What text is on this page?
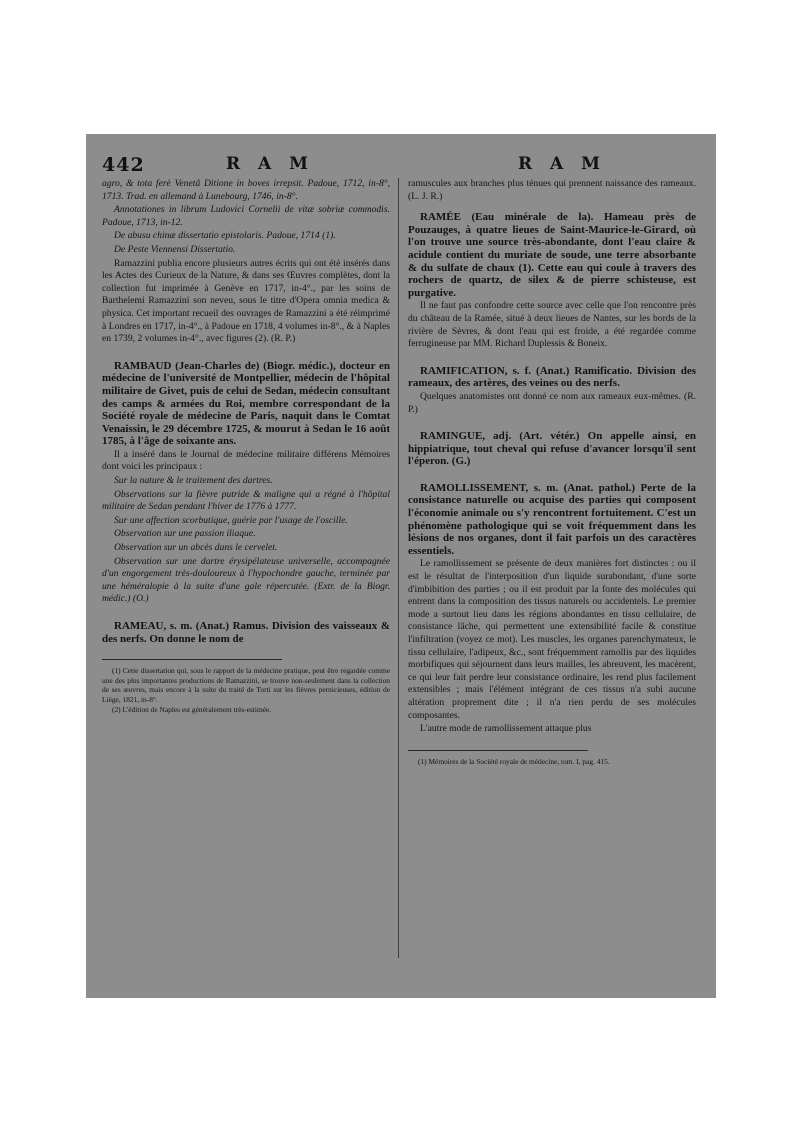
442	R A M	R A M

agro, & tota ferè Venetâ Ditione in boves irrepsit. Padoue, 1712, in-8°, 1713. Trad. en allemand à Lunebourg, 1746, in-8°.

Annotationes in librum Ludovici Cornelii de vitæ sobriæ commodis. Padoue, 1713, in-12.

De abusu chinæ dissertatio epistolaris. Padoue, 1714 (1).

De Peste Viennensi Dissertatio.

Ramazzini publia encore plusieurs autres écrits qui ont été insérés dans les Actes des Curieux de la Nature, & dans ses Œuvres complètes, dont la collection fut imprimée à Genève en 1717, in-4°., par les soins de Barthelemi Ramazzini son neveu, sous le titre d'Opera omnia medica & physica. Cet important recueil des ouvrages de Ramazzini a été réimprimé à Londres en 1717, in-4°., à Padoue en 1718, 4 volumes in-8°., & à Naples en 1739, 2 volumes in-4°., avec figures (2). (R. P.)

RAMBAUD (Jean-Charles de) (Biogr. médic.), docteur en médecine de l'université de Montpellier, médecin de l'hôpital militaire de Givet, puis de celui de Sedan, médecin consultant des camps & armées du Roi, membre correspondant de la Société royale de médecine de Paris, naquit dans le Comtat Venaissin, le 29 décembre 1725, & mourut à Sedan le 16 août 1785, à l'âge de soixante ans.

Il a inséré dans le Journal de médecine militaire différens Mémoires dont voici les principaux :

Sur la nature & le traitement des dartres.

Observations sur la fièvre putride & maligne qui a régné à l'hôpital militaire de Sedan pendant l'hiver de 1776 à 1777.

Sur une affection scorbutique, guérie par l'usage de l'oscille.

Observation sur une passion iliaque.

Observation sur un abcès dans le cervelet.

Observation sur une dartre érysipélateuse universelle, accompagnée d'un engorgement très-douloureux à l'hypochondre gauche, terminée par une héméralopie à la suite d'une gale répercutée. (Extr. de la Biogr. médic.) (O.)

RAMEAU, s. m. (Anat.) Ramus. Division des vaisseaux & des nerfs. On donne le nom de

(1) Cette dissertation qui, sous le rapport de la médecine pratique, peut être regardée comme une des plus importantes productions de Ramazzini, se trouve non-seulement dans la collection de ses œuvres, mais encore à la suite du traité de Torti sur les fièvres pernicieuses, édition de Liège, 1821, in-8°.

(2) L'édition de Naples est généralement très-estimée.

ramuscules aux branches plus ténues qui prennent naissance des rameaux. (L. J. R.)

RAMÉE (Eau minérale de la). Hameau près de Pouzauges, à quatre lieues de Saint-Maurice-le-Girard, où l'on trouve une source très-abondante, dont l'eau claire & acidule contient du muriate de soude, une terre absorbante & du sulfate de chaux (1). Cette eau qui coule à travers des rochers de quartz, de silex & de pierre schisteuse, est purgative.

Il ne faut pas confondre cette source avec celle que l'on rencontre près du château de la Ramée, situé à deux lieues de Nantes, sur les bords de la rivière de Sèvres, & dont l'eau qui est froide, a été regardée comme ferrugineuse par MM. Richard Duplessis & Boneix.

RAMIFICATION, s. f. (Anat.) Ramificatio. Division des rameaux, des artères, des veines ou des nerfs.

Quelques anatomistes ont donné ce nom aux rameaux eux-mêmes. (R. P.)

RAMINGUE, adj. (Art. vétér.) On appelle ainsi, en hippiatrique, tout cheval qui refuse d'avancer lorsqu'il sent l'éperon. (G.)

RAMOLLISSEMENT, s. m. (Anat. pathol.) Perte de la consistance naturelle ou acquise des parties qui composent l'économie animale ou s'y rencontrent fortuitement. C'est un phénomène pathologique qui se voit fréquemment dans les lésions de nos organes, dont il fait parfois un des caractères essentiels.

Le ramollissement se présente de deux manières fort distinctes : ou il est le résultat de l'interposition d'un liquide surabondant, d'une sorte d'imbibition des parties ; ou il est produit par la fonte des molécules qui entrent dans la composition des tissus naturels ou accidentels. Le premier mode a surtout lieu dans les régions abondantes en tissu cellulaire, de consistance lâche, qui permettent une extensibilité facile & constitue l'infiltration (voyez ce mot). Les muscles, les organes parenchymateux, le tissu cellulaire, l'adipeux, &c., sont fréquemment ramollis par des liquides morbifiques qui séjournent dans leurs mailles, les abreuvent, les macèrent, ce qui leur fait perdre leur consistance ordinaire, les rend plus facilement extensibles ; mais l'élément intégrant de ces tissus n'a subi aucune altération proprement dite ; il n'a rien perdu de ses molécules composantes.

L'autre mode de ramollissement attaque plus

(1) Mémoires de la Société royale de médecine, tom. I, pag. 415.
